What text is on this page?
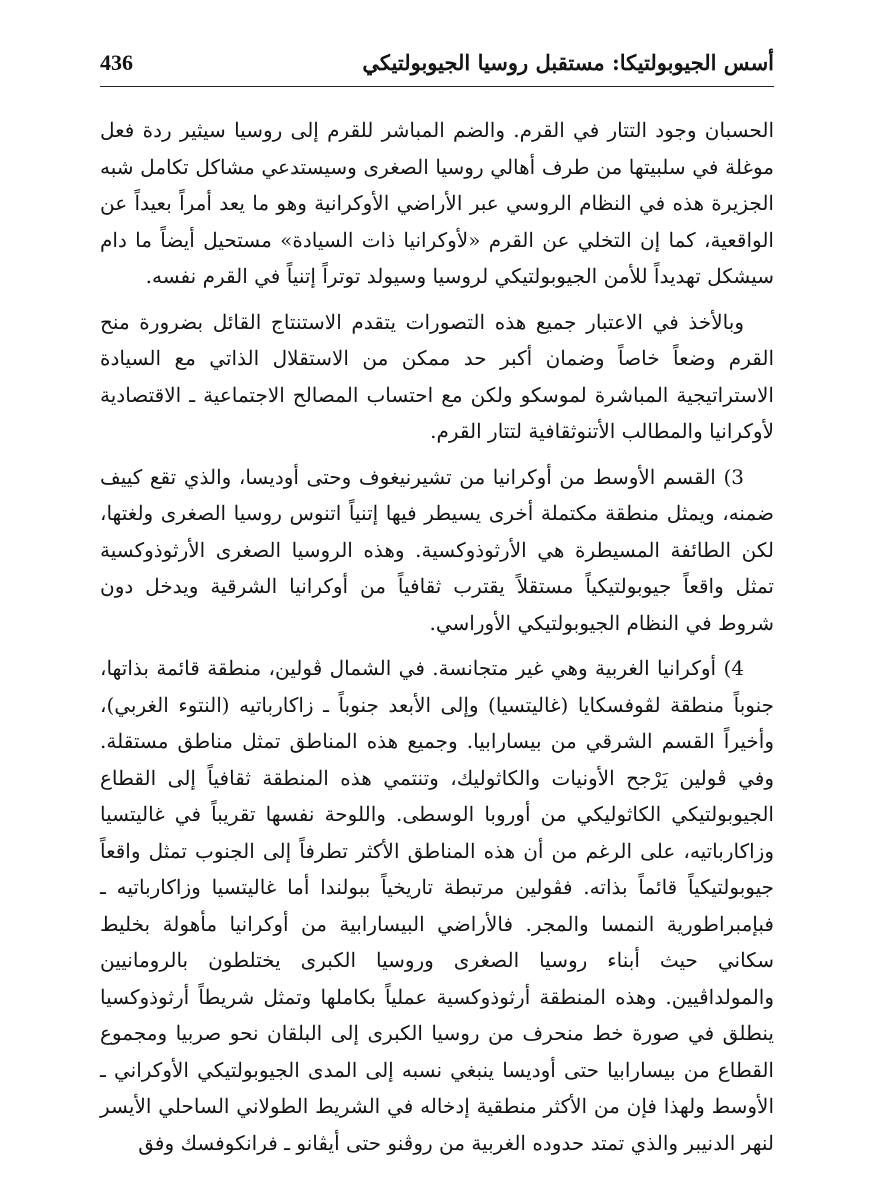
أسس الجيوبولتيكا: مستقبل روسيا الجيوبولتيكي
436

الحسبان وجود التتار في القرم. والضم المباشر للقرم إلى روسيا سيثير ردة فعل موغلة في سلبيتها من طرف أهالي روسيا الصغرى وسيستدعي مشاكل تكامل شبه الجزيرة هذه في النظام الروسي عبر الأراضي الأوكرانية وهو ما يعد أمراً بعيداً عن الواقعية، كما إن التخلي عن القرم «لأوكرانيا ذات السيادة» مستحيل أيضاً ما دام سيشكل تهديداً للأمن الجيوبولتيكي لروسيا وسيولد توتراً إتنياً في القرم نفسه.

وبالأخذ في الاعتبار جميع هذه التصورات يتقدم الاستنتاج القائل بضرورة منح القرم وضعاً خاصاً وضمان أكبر حد ممكن من الاستقلال الذاتي مع السيادة الاستراتيجية المباشرة لموسكو ولكن مع احتساب المصالح الاجتماعية ـ الاقتصادية لأوكرانيا والمطالب الأتنوثقافية لتتار القرم.

3) القسم الأوسط من أوكرانيا من تشيرنيغوف وحتى أوديسا، والذي تقع كييف ضمنه، ويمثل منطقة مكتملة أخرى يسيطر فيها إتنياً اتنوس روسيا الصغرى ولغتها، لكن الطائفة المسيطرة هي الأرثوذوكسية. وهذه الروسيا الصغرى الأرثوذوكسية تمثل واقعاً جيوبولتيكياً مستقلاً يقترب ثقافياً من أوكرانيا الشرقية ويدخل دون شروط في النظام الجيوبولتيكي الأوراسي.

4) أوكرانيا الغربية وهي غير متجانسة. في الشمال ڤولين، منطقة قائمة بذاتها، جنوباً منطقة لڤوفسكايا (غاليتسيا) وإلى الأبعد جنوباً ـ زاكارباتيه (النتوء الغربي)، وأخيراً القسم الشرقي من بيسارابيا. وجميع هذه المناطق تمثل مناطق مستقلة. وفي ڤولين يَرْجح الأونيات والكاثوليك، وتنتمي هذه المنطقة ثقافياً إلى القطاع الجيوبولتيكي الكاثوليكي من أوروبا الوسطى. واللوحة نفسها تقريباً في غاليتسيا وزاكارباتيه، على الرغم من أن هذه المناطق الأكثر تطرفاً إلى الجنوب تمثل واقعاً جيوبولتيكياً قائماً بذاته. فڤولين مرتبطة تاريخياً ببولندا أما غاليتسيا وزاكارباتيه ـ فبإمبراطورية النمسا والمجر. فالأراضي البيسارابية من أوكرانيا مأهولة بخليط سكاني حيث أبناء روسيا الصغرى وروسيا الكبرى يختلطون بالرومانيين والمولداڤيين. وهذه المنطقة أرثوذوكسية عملياً بكاملها وتمثل شريطاً أرثوذوكسيا ينطلق في صورة خط منحرف من روسيا الكبرى إلى البلقان نحو صربيا ومجموع القطاع من بيسارابيا حتى أوديسا ينبغي نسبه إلى المدى الجيوبولتيكي الأوكراني ـ الأوسط ولهذا فإن من الأكثر منطقية إدخاله في الشريط الطولاني الساحلي الأيسر لنهر الدنيبر والذي تمتد حدوده الغربية من روڤنو حتى أيڤانو ـ فرانكوفسك وفق
